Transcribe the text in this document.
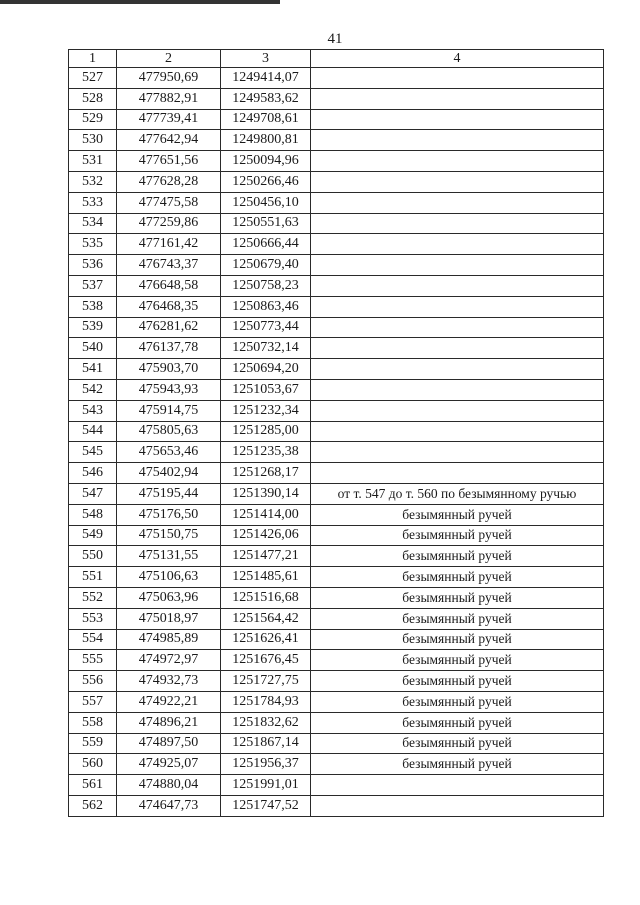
41
1	2	3	4
527	477950,69	1249414,07	
528	477882,91	1249583,62	
529	477739,41	1249708,61	
530	477642,94	1249800,81	
531	477651,56	1250094,96	
532	477628,28	1250266,46	
533	477475,58	1250456,10	
534	477259,86	1250551,63	
535	477161,42	1250666,44	
536	476743,37	1250679,40	
537	476648,58	1250758,23	
538	476468,35	1250863,46	
539	476281,62	1250773,44	
540	476137,78	1250732,14	
541	475903,70	1250694,20	
542	475943,93	1251053,67	
543	475914,75	1251232,34	
544	475805,63	1251285,00	
545	475653,46	1251235,38	
546	475402,94	1251268,17	
547	475195,44	1251390,14	от т. 547 до т. 560 по безымянному ручью
548	475176,50	1251414,00	безымянный ручей
549	475150,75	1251426,06	безымянный ручей
550	475131,55	1251477,21	безымянный ручей
551	475106,63	1251485,61	безымянный ручей
552	475063,96	1251516,68	безымянный ручей
553	475018,97	1251564,42	безымянный ручей
554	474985,89	1251626,41	безымянный ручей
555	474972,97	1251676,45	безымянный ручей
556	474932,73	1251727,75	безымянный ручей
557	474922,21	1251784,93	безымянный ручей
558	474896,21	1251832,62	безымянный ручей
559	474897,50	1251867,14	безымянный ручей
560	474925,07	1251956,37	безымянный ручей
561	474880,04	1251991,01	
562	474647,73	1251747,52	
